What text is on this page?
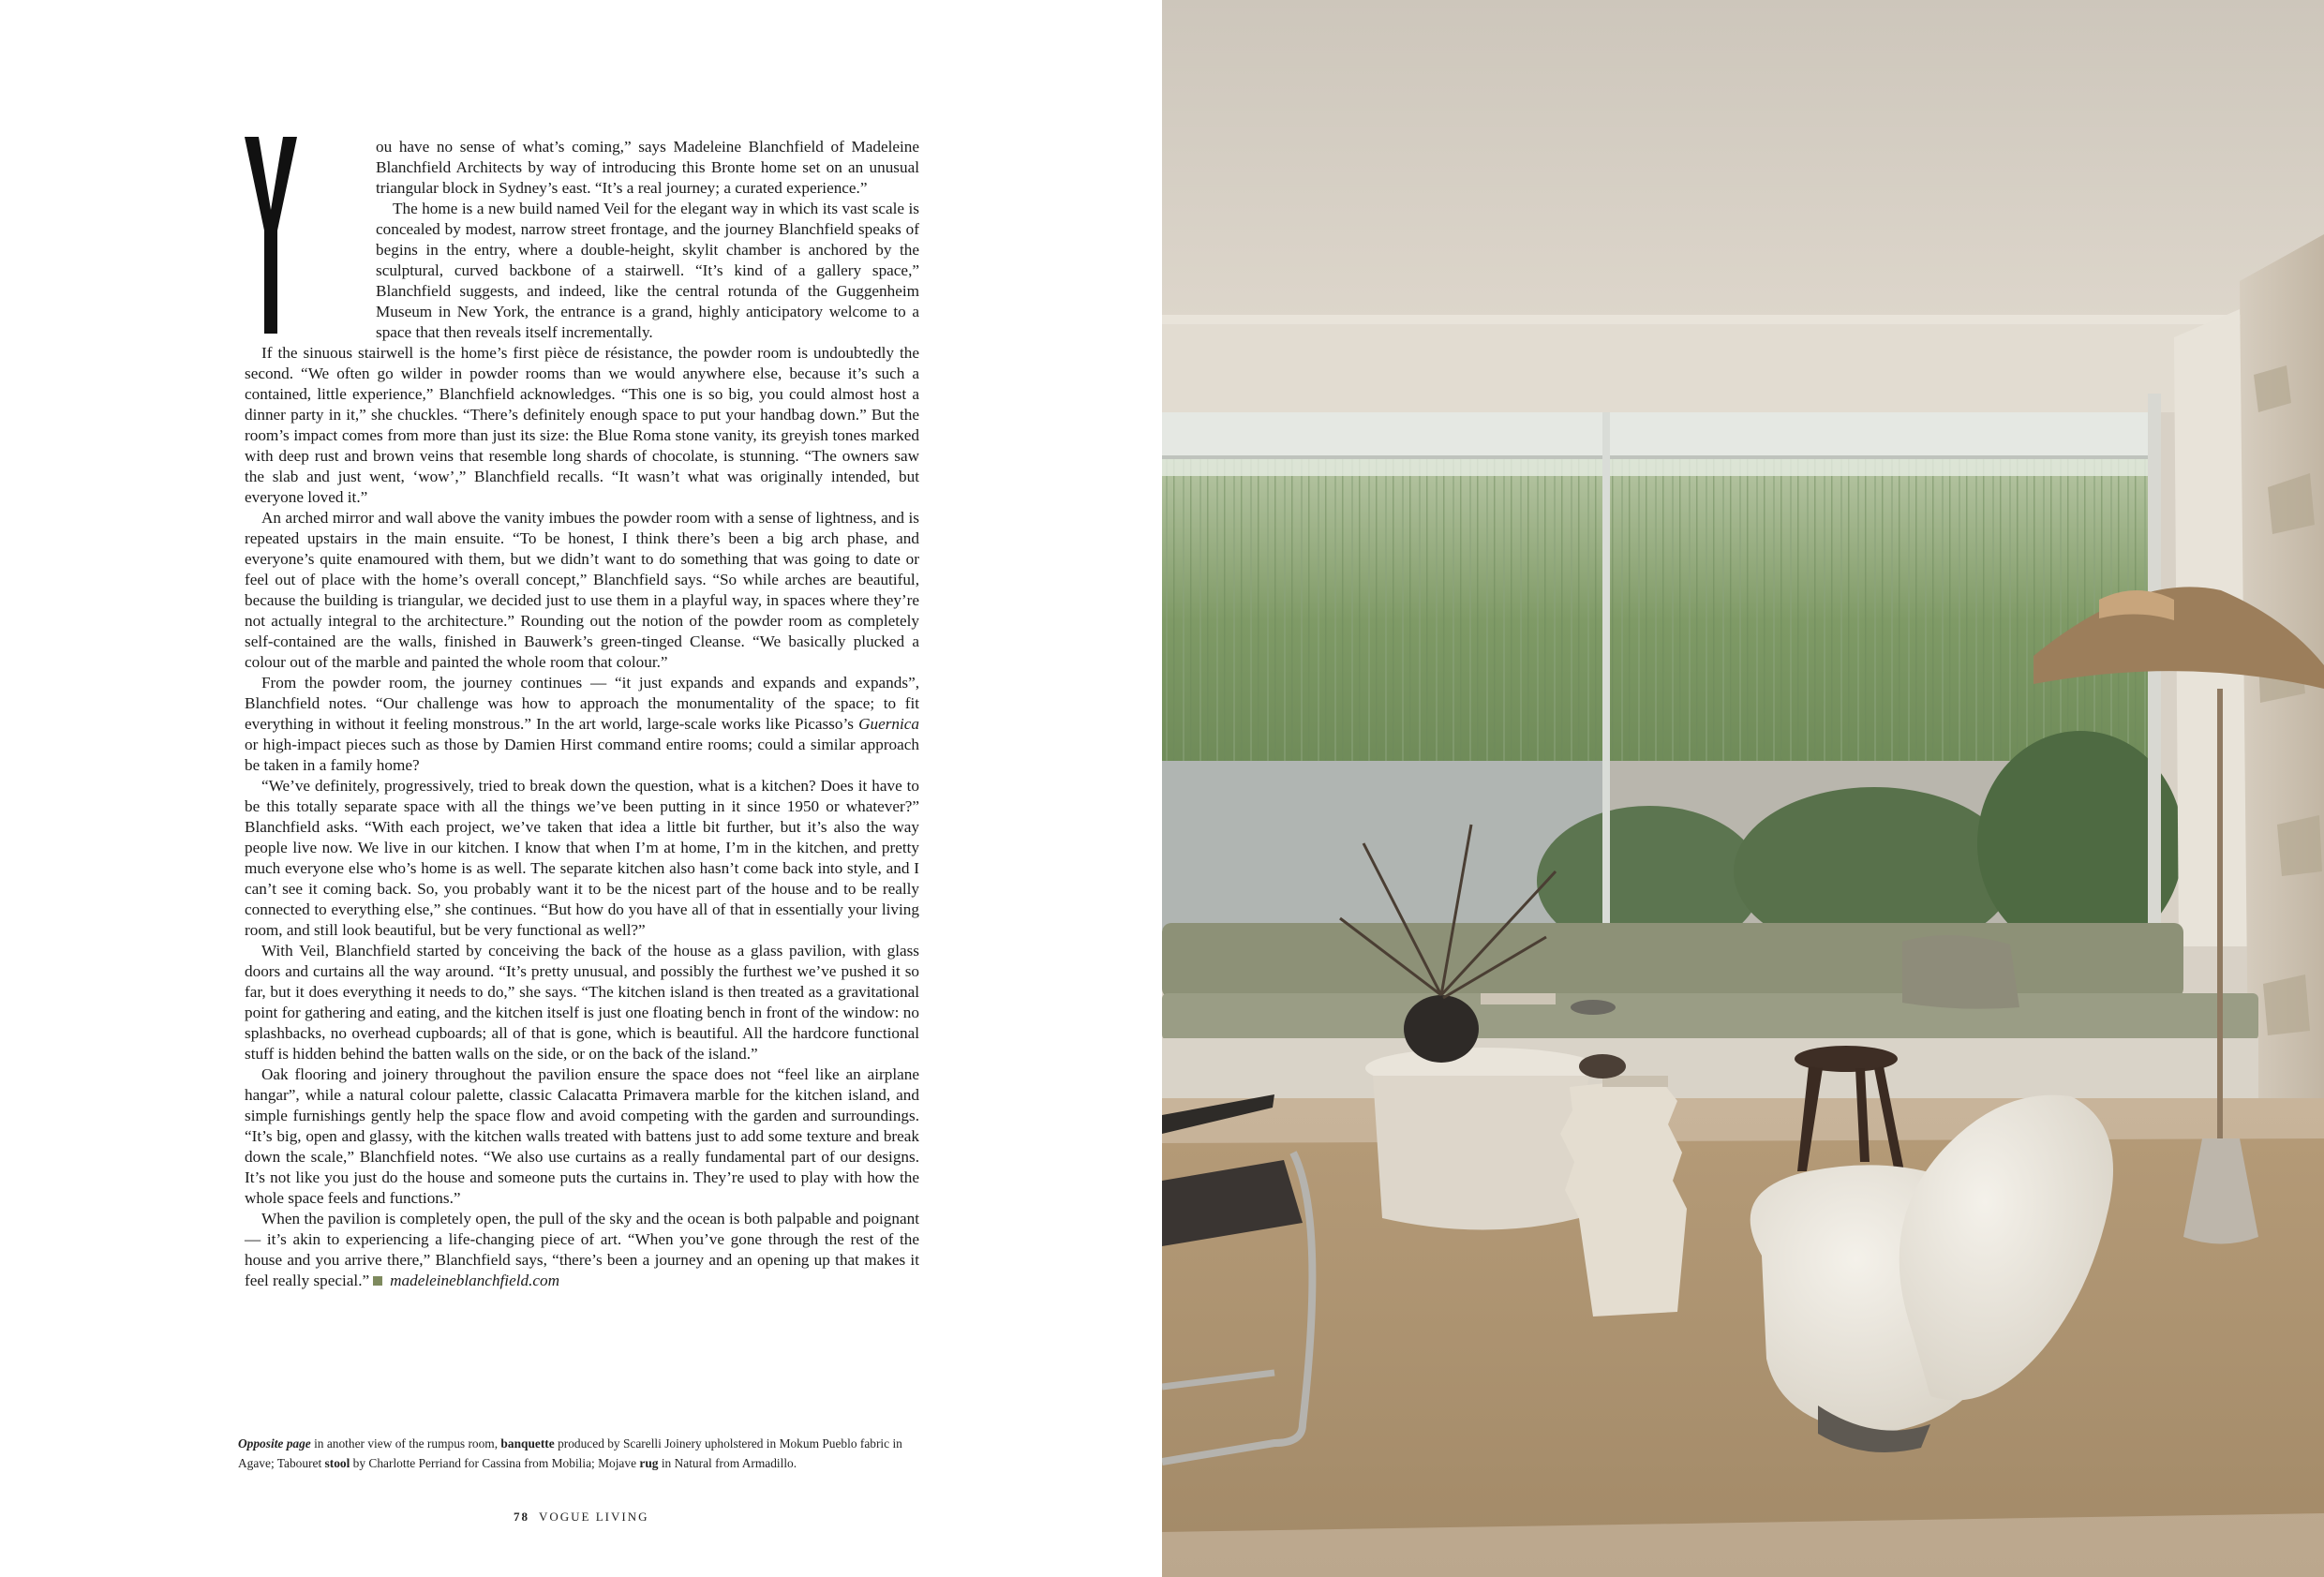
ou have no sense of what’s coming,” says Madeleine Blanchfield of Madeleine Blanchfield Architects by way of introducing this Bronte home set on an unusual triangular block in Sydney’s east. “It’s a real journey; a curated experience.”

The home is a new build named Veil for the elegant way in which its vast scale is concealed by modest, narrow street frontage, and the journey Blanchfield speaks of begins in the entry, where a double-height, skylit chamber is anchored by the sculptural, curved backbone of a stairwell. “It’s kind of a gallery space,” Blanchfield suggests, and indeed, like the central rotunda of the Guggenheim Museum in New York, the entrance is a grand, highly anticipatory welcome to a space that then reveals itself incrementally.

If the sinuous stairwell is the home’s first pièce de résistance, the powder room is undoubtedly the second. “We often go wilder in powder rooms than we would anywhere else, because it’s such a contained, little experience,” Blanchfield acknowledges. “This one is so big, you could almost host a dinner party in it,” she chuckles. “There’s definitely enough space to put your handbag down.” But the room’s impact comes from more than just its size: the Blue Roma stone vanity, its greyish tones marked with deep rust and brown veins that resemble long shards of chocolate, is stunning. “The owners saw the slab and just went, ‘wow’,” Blanchfield recalls. “It wasn’t what was originally intended, but everyone loved it.”

An arched mirror and wall above the vanity imbues the powder room with a sense of lightness, and is repeated upstairs in the main ensuite. “To be honest, I think there’s been a big arch phase, and everyone’s quite enamoured with them, but we didn’t want to do something that was going to date or feel out of place with the home’s overall concept,” Blanchfield says. “So while arches are beautiful, because the building is triangular, we decided just to use them in a playful way, in spaces where they’re not actually integral to the architecture.” Rounding out the notion of the powder room as completely self-contained are the walls, finished in Bauwerk’s green-tinged Cleanse. “We basically plucked a colour out of the marble and painted the whole room that colour.”

From the powder room, the journey continues — “it just expands and expands and expands”, Blanchfield notes. “Our challenge was how to approach the monumentality of the space; to fit everything in without it feeling monstrous.” In the art world, large-scale works like Picasso’s Guernica or high-impact pieces such as those by Damien Hirst command entire rooms; could a similar approach be taken in a family home?

“We’ve definitely, progressively, tried to break down the question, what is a kitchen? Does it have to be this totally separate space with all the things we’ve been putting in it since 1950 or whatever?” Blanchfield asks. “With each project, we’ve taken that idea a little bit further, but it’s also the way people live now. We live in our kitchen. I know that when I’m at home, I’m in the kitchen, and pretty much everyone else who’s home is as well. The separate kitchen also hasn’t come back into style, and I can’t see it coming back. So, you probably want it to be the nicest part of the house and to be really connected to everything else,” she continues. “But how do you have all of that in essentially your living room, and still look beautiful, but be very functional as well?”

With Veil, Blanchfield started by conceiving the back of the house as a glass pavilion, with glass doors and curtains all the way around. “It’s pretty unusual, and possibly the furthest we’ve pushed it so far, but it does everything it needs to do,” she says. “The kitchen island is then treated as a gravitational point for gathering and eating, and the kitchen itself is just one floating bench in front of the window: no splashbacks, no overhead cupboards; all of that is gone, which is beautiful. All the hardcore functional stuff is hidden behind the batten walls on the side, or on the back of the island.”

Oak flooring and joinery throughout the pavilion ensure the space does not “feel like an airplane hangar”, while a natural colour palette, classic Calacatta Primavera marble for the kitchen island, and simple furnishings gently help the space flow and avoid competing with the garden and surroundings. “It’s big, open and glassy, with the kitchen walls treated with battens just to add some texture and break down the scale,” Blanchfield notes. “We also use curtains as a really fundamental part of our designs. It’s not like you just do the house and someone puts the curtains in. They’re used to play with how the whole space feels and functions.”

When the pavilion is completely open, the pull of the sky and the ocean is both palpable and poignant — it’s akin to experiencing a life-changing piece of art. “When you’ve gone through the rest of the house and you arrive there,” Blanchfield says, “there’s been a journey and an opening up that makes it feel really special.” madeleineblanchfield.com

Opposite page in another view of the rumpus room, banquette produced by Scarelli Joinery upholstered in Mokum Pueblo fabric in Agave; Tabouret stool by Charlotte Perriand for Cassina from Mobilia; Mojave rug in Natural from Armadillo.
78 VOGUE LIVING
